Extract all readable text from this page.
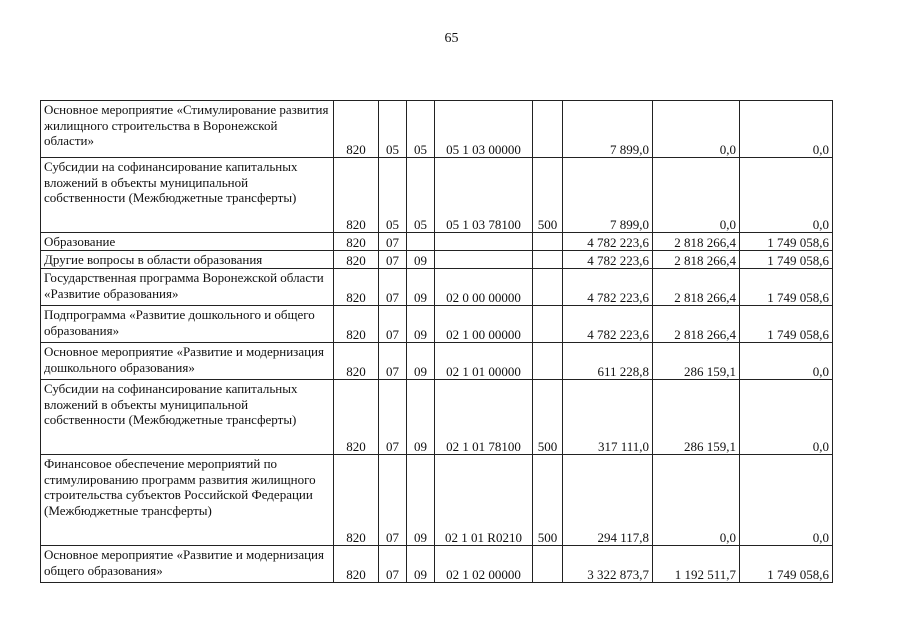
65
Основное мероприятие «Стимулирование развития жилищного строительства в Воронежской области»	820	05	05	05 1 03 00000		7 899,0	0,0	0,0
Субсидии на софинансирование капитальных вложений в объекты муниципальной собственности (Межбюджетные трансферты)	820	05	05	05 1 03 78100	500	7 899,0	0,0	0,0
Образование	820	07				4 782 223,6	2 818 266,4	1 749 058,6
Другие вопросы в области образования	820	07	09			4 782 223,6	2 818 266,4	1 749 058,6
Государственная программа Воронежской области «Развитие образования»	820	07	09	02 0 00 00000		4 782 223,6	2 818 266,4	1 749 058,6
Подпрограмма «Развитие дошкольного и общего образования»	820	07	09	02 1 00 00000		4 782 223,6	2 818 266,4	1 749 058,6
Основное мероприятие «Развитие и модернизация дошкольного образования»	820	07	09	02 1 01 00000		611 228,8	286 159,1	0,0
Субсидии на софинансирование капитальных вложений в объекты муниципальной собственности (Межбюджетные трансферты)	820	07	09	02 1 01 78100	500	317 111,0	286 159,1	0,0
Финансовое обеспечение мероприятий по стимулированию программ развития жилищного строительства субъектов Российской Федерации (Межбюджетные трансферты)	820	07	09	02 1 01 R0210	500	294 117,8	0,0	0,0
Основное мероприятие «Развитие и модернизация общего образования»	820	07	09	02 1 02 00000		3 322 873,7	1 192 511,7	1 749 058,6
